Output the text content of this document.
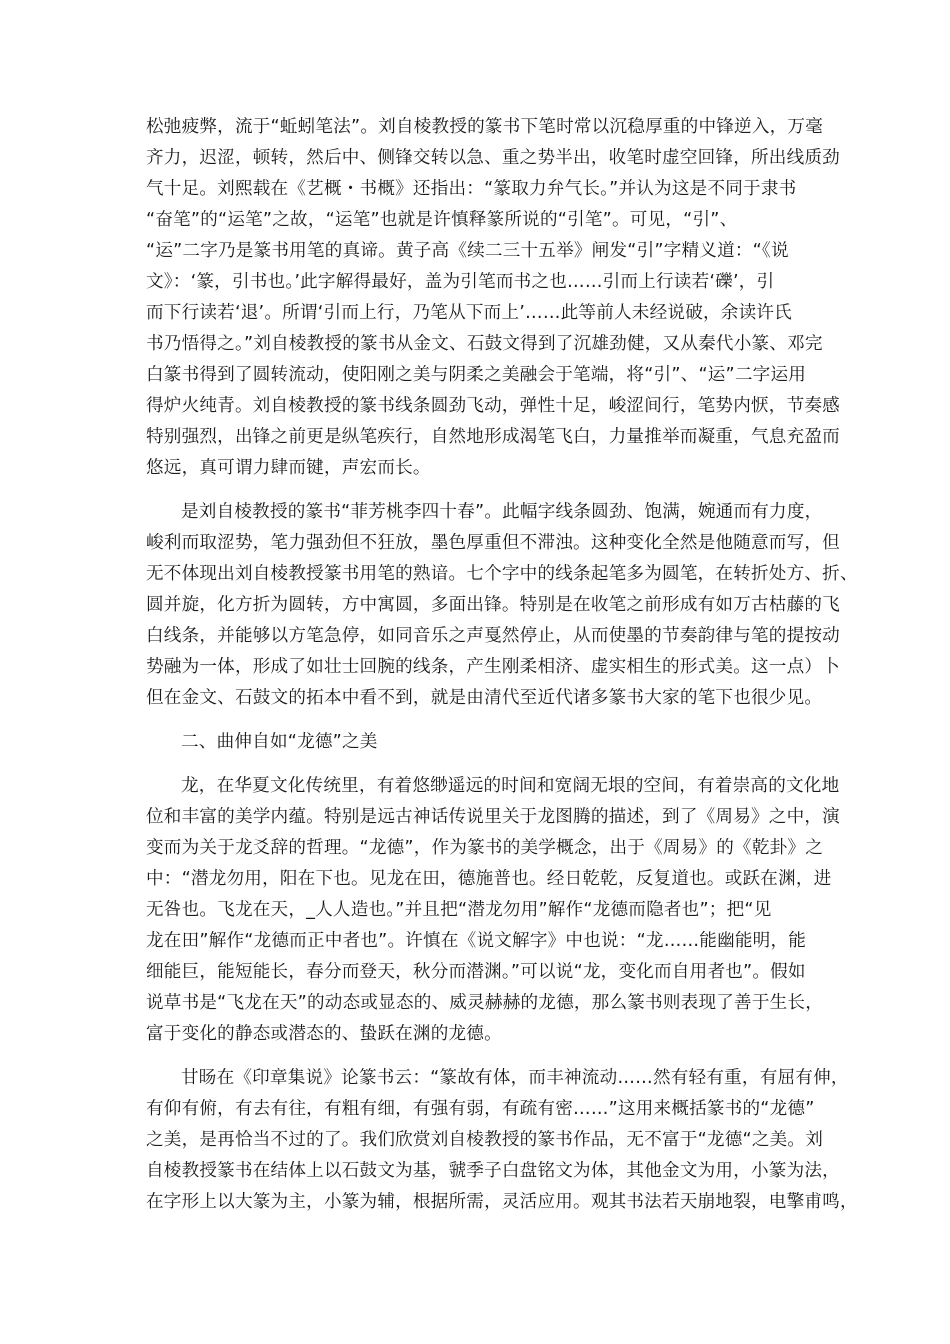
松弛疲弊，流于“蚯蚓笔法”。刘自棱教授的篆书下笔时常以沉稳厚重的中锋逆入，万毫
齐力，迟涩，顿转，然后中、侧锋交转以急、重之势半出，收笔时虚空回锋，所出线质劲
气十足。刘熙载在《艺概・书概》还指出：“篆取力弁气长。”并认为这是不同于隶书
“奋笔”的“运笔”之故，“运笔”也就是许慎释篆所说的“引笔”。可见，“引”、
“运”二字乃是篆书用笔的真谛。黄子高《续二三十五举》闸发“引”字精义道：“《说
文》：‘篆，引书也。’此字解得最好，盖为引笔而书之也……引而上行读若‘礫’，引
而下行读若‘退’。所谓‘引而上行，乃笔从下而上’……此等前人未经说破，余读许氏
书乃悟得之。”刘自棱教授的篆书从金文、石鼓文得到了沉雄劲健，又从秦代小篆、邓完
白篆书得到了圆转流动，使阳刚之美与阴柔之美融会于笔端，将“引”、“运”二字运用
得炉火纯青。刘自棱教授的篆书线条圆劲飞动，弹性十足，峻涩间行，笔势内恹，节奏感
特别强烈，出锋之前更是纵笔疾行，自然地形成渴笔飞白，力量推举而凝重，气息充盈而
悠远，真可谓力肆而键，声宏而长。
是刘自棱教授的篆书“菲芳桃李四十春”。此幅字线条圆劲、饱满，婉通而有力度，
峻利而取涩势，笔力强劲但不狂放，墨色厚重但不滞浊。这种变化全然是他随意而写，但
无不体现出刘自棱教授篆书用笔的熟谙。七个字中的线条起笔多为圆笔，在转折处方、折、
圆并旋，化方折为圆转，方中寓圆，多面出锋。特别是在收笔之前形成有如万古枯藤的飞
白线条，并能够以方笔急停，如同音乐之声戛然停止，从而使墨的节奏韵律与笔的提按动
势融为一体，形成了如壮士回腕的线条，产生刚柔相济、虚实相生的形式美。这一点）卜
但在金文、石鼓文的拓本中看不到，就是由清代至近代诸多篆书大家的笔下也很少见。
二、曲伸自如“龙德”之美
龙，在华夏文化传统里，有着悠缈遥远的时间和宽阔无垠的空间，有着崇高的文化地
位和丰富的美学内蕴。特别是远古神话传说里关于龙图腾的描述，到了《周易》之中，演
变而为关于龙爻辞的哲理。“龙德”，作为篆书的美学概念，出于《周易》的《乾卦》之
中：“潜龙勿用，阳在下也。见龙在田，德施普也。经日乾乾，反复道也。或跃在渊，进
无咎也。飞龙在天，_人人造也。”并且把“潜龙勿用”解作“龙德而隐者也”；把“见
龙在田”解作“龙德而正中者也”。许慎在《说文解字》中也说：“龙……能幽能明，能
细能巨，能短能长，春分而登天，秋分而潜渊。”可以说“龙，变化而自用者也”。假如
说草书是“飞龙在天”的动态或显态的、威灵赫赫的龙德，那么篆书则表现了善于生长，
富于变化的静态或潜态的、蛰跃在渊的龙德。
甘旸在《印章集说》论篆书云：“篆故有体，而丰神流动……然有轻有重，有屈有伸，
有仰有俯，有去有往，有粗有细，有强有弱，有疏有密……”这用来概括篆书的“龙德”
之美，是再恰当不过的了。我们欣赏刘自棱教授的篆书作品，无不富于“龙德“之美。刘
自棱教授篆书在结体上以石鼓文为基，虢季子白盘铭文为体，其他金文为用，小篆为法，
在字形上以大篆为主，小篆为辅，根据所需，灵活应用。观其书法若天崩地裂，电擎甫鸣，
